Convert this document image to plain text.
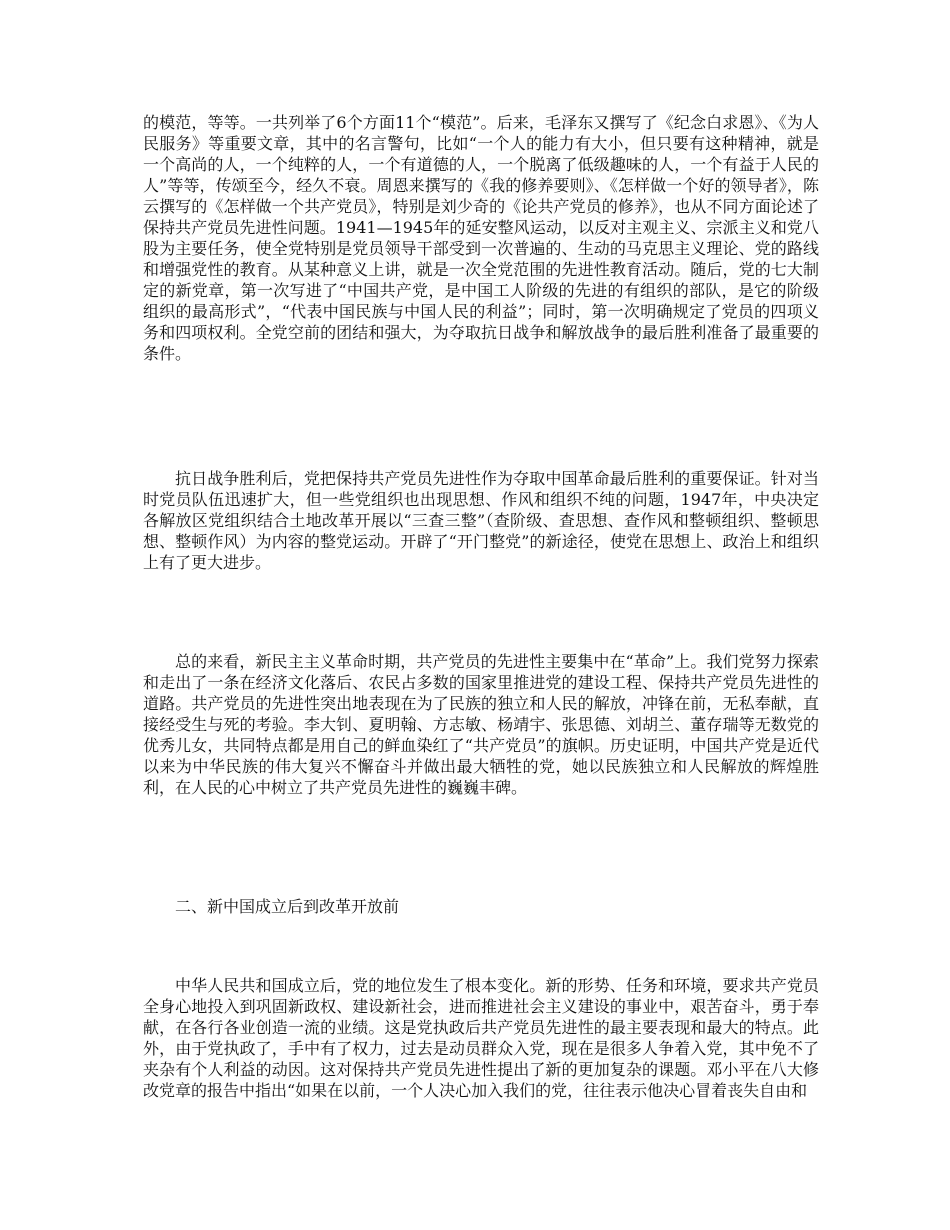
的模范，等等。一共列举了6个方面11个“模范”。后来，毛泽东又撰写了《纪念白求恩》、《为人民服务》等重要文章，其中的名言警句，比如“一个人的能力有大小，但只要有这种精神，就是一个高尚的人，一个纯粹的人，一个有道德的人，一个脱离了低级趣味的人，一个有益于人民的人”等等，传颂至今，经久不衰。周恩来撰写的《我的修养要则》、《怎样做一个好的领导者》，陈云撰写的《怎样做一个共产党员》，特别是刘少奇的《论共产党员的修养》，也从不同方面论述了保持共产党员先进性问题。1941—1945年的延安整风运动，以反对主观主义、宗派主义和党八股为主要任务，使全党特别是党员领导干部受到一次普遍的、生动的马克思主义理论、党的路线和增强党性的教育。从某种意义上讲，就是一次全党范围的先进性教育活动。随后，党的七大制定的新党章，第一次写进了“中国共产党，是中国工人阶级的先进的有组织的部队，是它的阶级组织的最高形式”，“代表中国民族与中国人民的利益”；同时，第一次明确规定了党员的四项义务和四项权利。全党空前的团结和强大，为夺取抗日战争和解放战争的最后胜利准备了最重要的条件。

抗日战争胜利后，党把保持共产党员先进性作为夺取中国革命最后胜利的重要保证。针对当时党员队伍迅速扩大，但一些党组织也出现思想、作风和组织不纯的问题，1947年，中央决定各解放区党组织结合土地改革开展以“三查三整”（查阶级、查思想、查作风和整顿组织、整顿思想、整顿作风）为内容的整党运动。开辟了“开门整党”的新途径，使党在思想上、政治上和组织上有了更大进步。

总的来看，新民主主义革命时期，共产党员的先进性主要集中在“革命”上。我们党努力探索和走出了一条在经济文化落后、农民占多数的国家里推进党的建设工程、保持共产党员先进性的道路。共产党员的先进性突出地表现在为了民族的独立和人民的解放，冲锋在前，无私奉献，直接经受生与死的考验。李大钊、夏明翰、方志敏、杨靖宇、张思德、刘胡兰、董存瑞等无数党的优秀儿女，共同特点都是用自己的鲜血染红了“共产党员”的旗帜。历史证明，中国共产党是近代以来为中华民族的伟大复兴不懈奋斗并做出最大牺牲的党，她以民族独立和人民解放的辉煌胜利，在人民的心中树立了共产党员先进性的巍巍丰碑。

二、新中国成立后到改革开放前

中华人民共和国成立后，党的地位发生了根本变化。新的形势、任务和环境，要求共产党员全身心地投入到巩固新政权、建设新社会，进而推进社会主义建设的事业中，艰苦奋斗，勇于奉献，在各行各业创造一流的业绩。这是党执政后共产党员先进性的最主要表现和最大的特点。此外，由于党执政了，手中有了权力，过去是动员群众入党，现在是很多人争着入党，其中免不了夹杂有个人利益的动因。这对保持共产党员先进性提出了新的更加复杂的课题。邓小平在八大修改党章的报告中指出“如果在以前，一个人决心加入我们的党，往往表示他决心冒着丧失自由和
